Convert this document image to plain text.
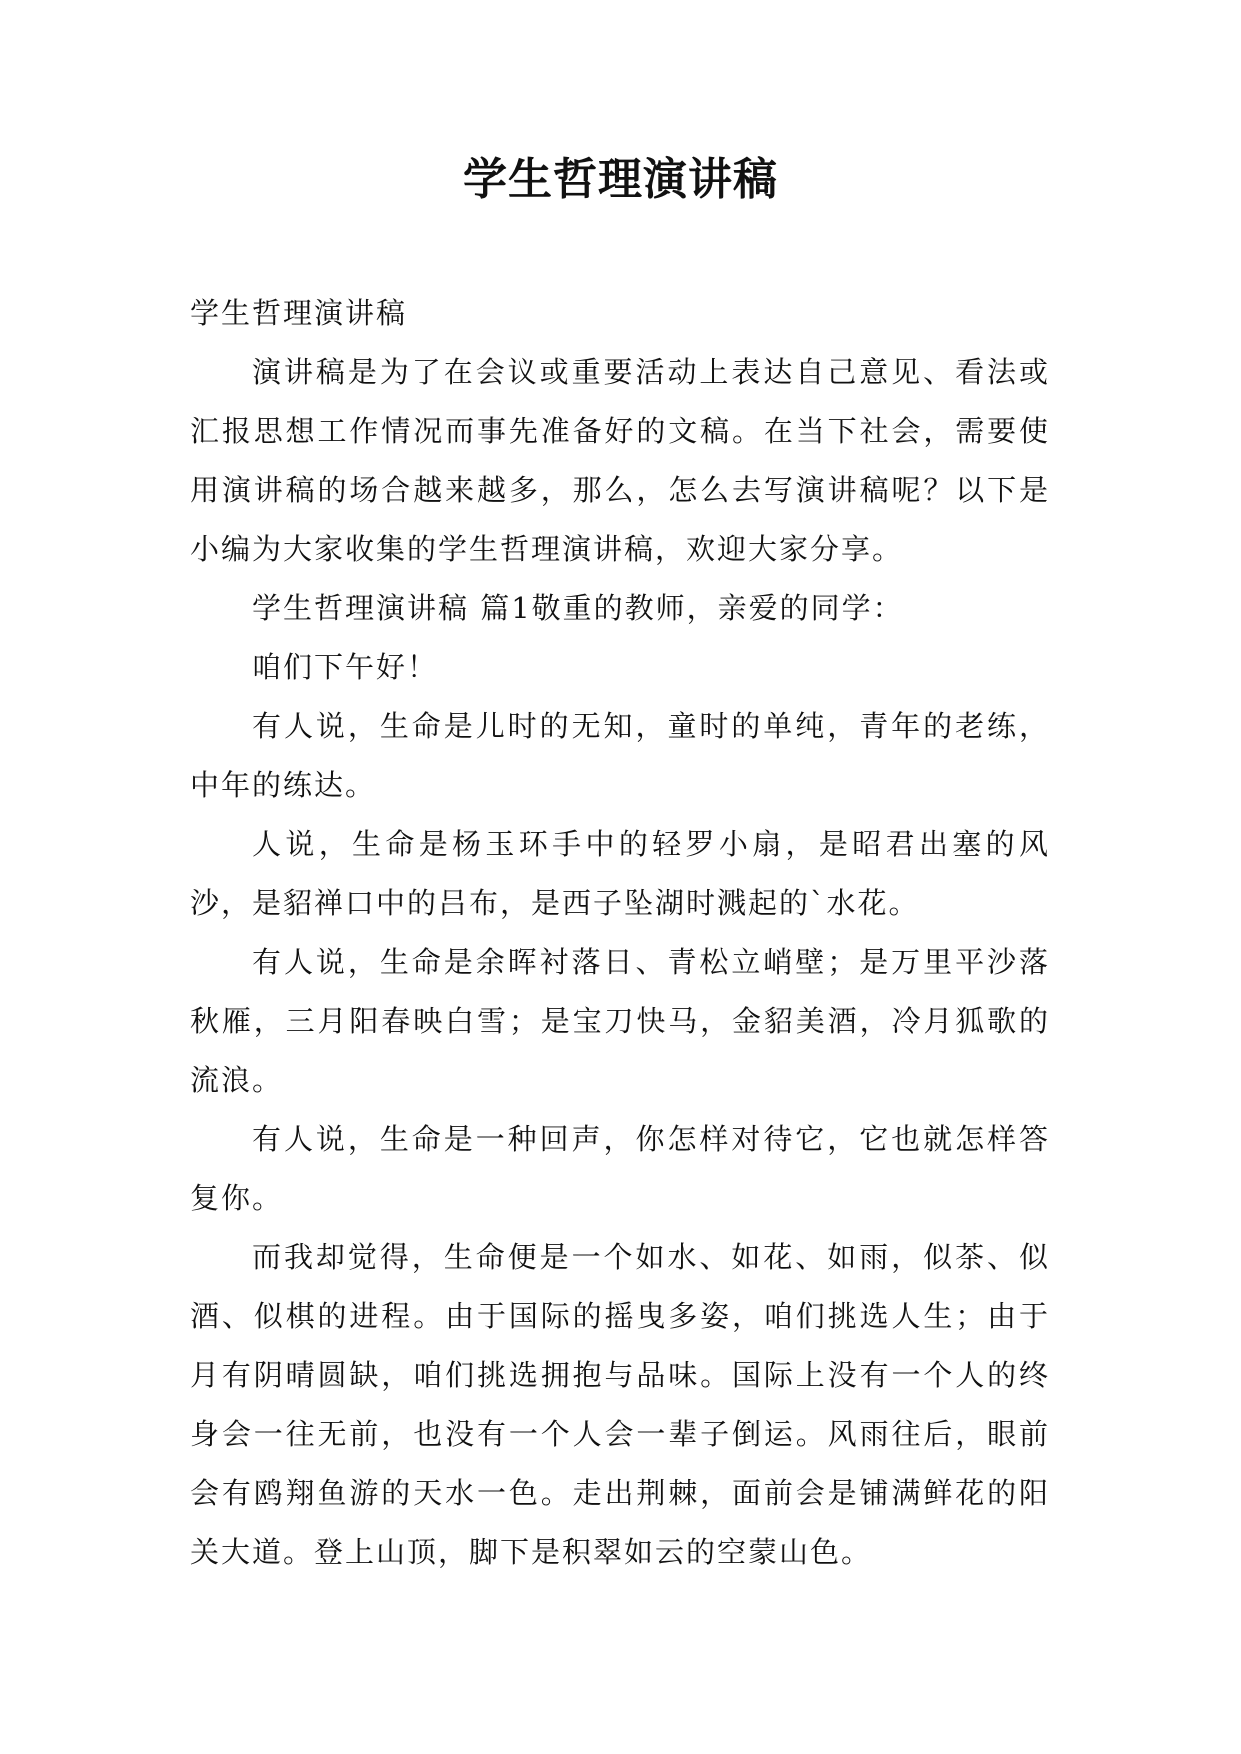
学生哲理演讲稿

学生哲理演讲稿

演讲稿是为了在会议或重要活动上表达自己意见、看法或汇报思想工作情况而事先准备好的文稿。在当下社会，需要使用演讲稿的场合越来越多，那么，怎么去写演讲稿呢？以下是小编为大家收集的学生哲理演讲稿，欢迎大家分享。

学生哲理演讲稿 篇1敬重的教师，亲爱的同学：

咱们下午好！

有人说，生命是儿时的无知，童时的单纯，青年的老练，中年的练达。

人说，生命是杨玉环手中的轻罗小扇，是昭君出塞的风沙，是貂禅口中的吕布，是西子坠湖时溅起的`水花。

有人说，生命是余晖衬落日、青松立峭壁；是万里平沙落秋雁，三月阳春映白雪；是宝刀快马，金貂美酒，冷月狐歌的流浪。

有人说，生命是一种回声，你怎样对待它，它也就怎样答复你。

而我却觉得，生命便是一个如水、如花、如雨，似茶、似酒、似棋的进程。由于国际的摇曳多姿，咱们挑选人生；由于月有阴晴圆缺，咱们挑选拥抱与品味。国际上没有一个人的终身会一往无前，也没有一个人会一辈子倒运。风雨往后，眼前会有鸥翔鱼游的天水一色。走出荆棘，面前会是铺满鲜花的阳关大道。登上山顶，脚下是积翠如云的空蒙山色。
